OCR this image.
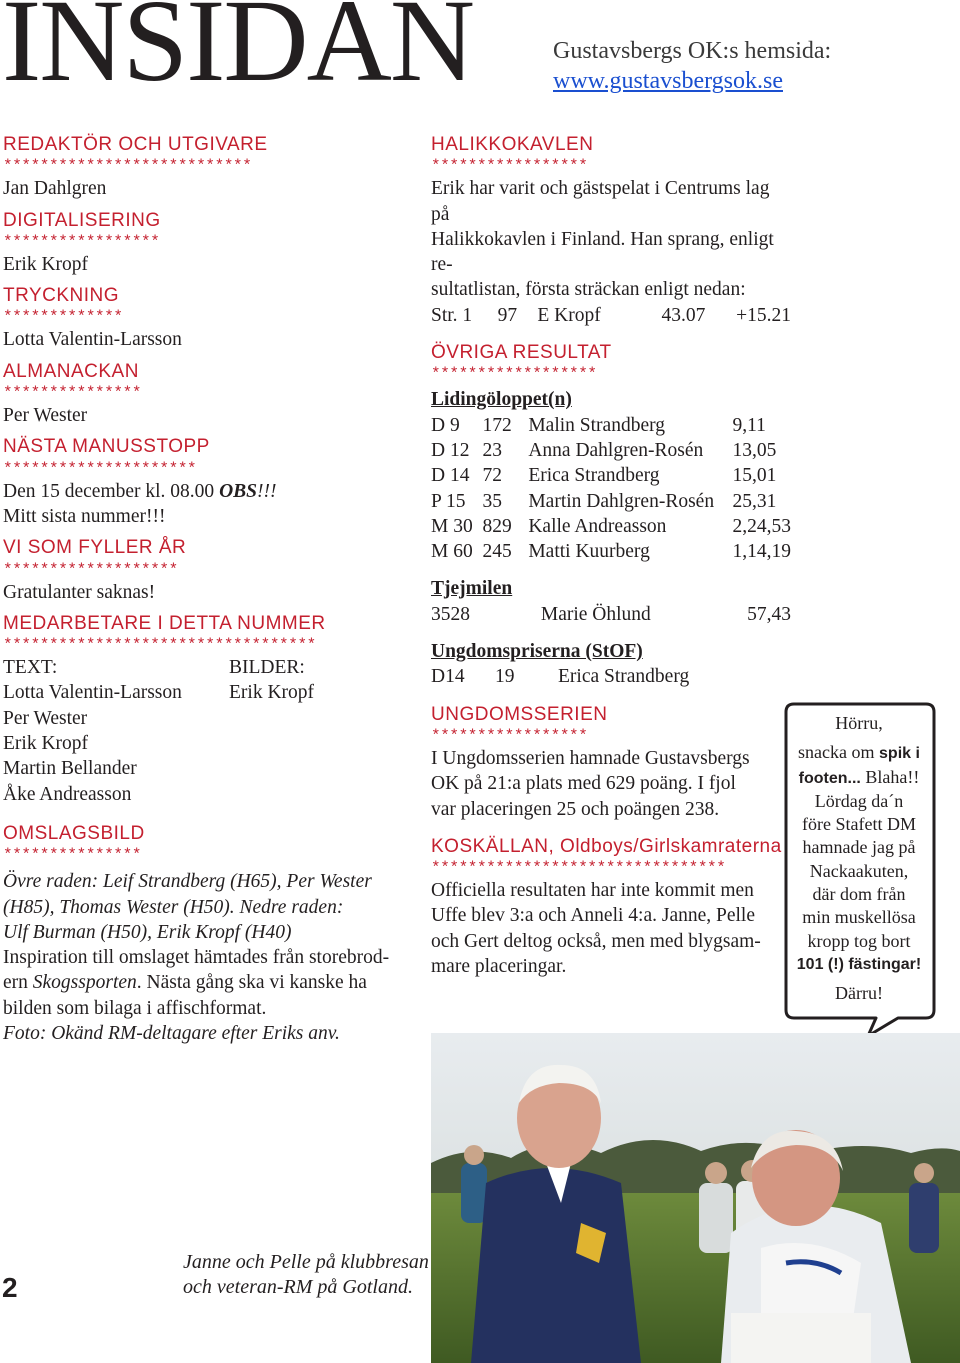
INSIDAN	Gustavsbergs OK:s hemsida:
www.gustavsbergsok.se
REDAKTÖR OCH UTGIVARE
***************************
Jan Dahlgren
DIGITALISERING
*****************
Erik Kropf
TRYCKNING
*************
Lotta Valentin-Larsson
ALMANACKAN
***************
Per Wester
NÄSTA MANUSSTOPP
*********************
Den 15 december kl. 08.00 OBS!!!
Mitt sista nummer!!!
VI SOM FYLLER ÅR
*******************
Gratulanter saknas!
MEDARBETARE I DETTA NUMMER
**********************************
TEXT:
Lotta Valentin-Larsson
Per Wester
Erik Kropf
Martin Bellander
Åke Andreasson
BILDER:
Erik Kropf
OMSLAGSBILD
***************
Övre raden: Leif Strandberg (H65), Per Wester
(H85), Thomas Wester (H50). Nedre raden:
Ulf Burman (H50), Erik Kropf (H40)
Inspiration till omslaget hämtades från storebrod-
ern Skogssporten. Nästa gång ska vi kanske ha
bilden som bilaga i affischformat.
Foto: Okänd RM-deltagare efter Eriks anv.
HALIKKOKAVLEN
*****************
Erik har varit och gästspelat i Centrums lag på
Halikkokavlen i Finland. Han sprang, enligt re-
sultatlistan, första sträckan enligt nedan:
Str. 1	97	E Kropf	43.07	+15.21
ÖVRIGA RESULTAT
******************
Lidingöloppet(n)
D 9	172	Malin Strandberg	9,11
D 12	23	Anna Dahlgren-Rosén	13,05
D 14	72	Erica Strandberg	15,01
P 15	35	Martin Dahlgren-Rosén	25,31
M 30	829	Kalle Andreasson	2,24,53
M 60	245	Matti Kuurberg	1,14,19
Tjejmilen
3528	Marie Öhlund	57,43
Ungdomspriserna (StOF)
D14	19	Erica Strandberg
UNGDOMSSERIEN
*****************
I Ungdomsserien hamnade Gustavsbergs
OK på 21:a plats med 629 poäng. I fjol
var placeringen 25 och poängen 238.
KOSKÄLLAN, Oldboys/Girlskamraterna
********************************
Officiella resultaten har inte kommit men
Uffe blev 3:a och Anneli 4:a. Janne, Pelle
och Gert deltog också, men med blygsam-
mare placeringar.
Hörru,
snacka om spik i
footen... Blaha!!
Lördag da´n
före Stafett DM
hamnade jag på
Nackaakuten,
där dom från
min muskellösa
kropp tog bort
101 (!) fästingar!
Därru!
2
Janne och Pelle på klubbresan
och veteran-RM på Gotland.
